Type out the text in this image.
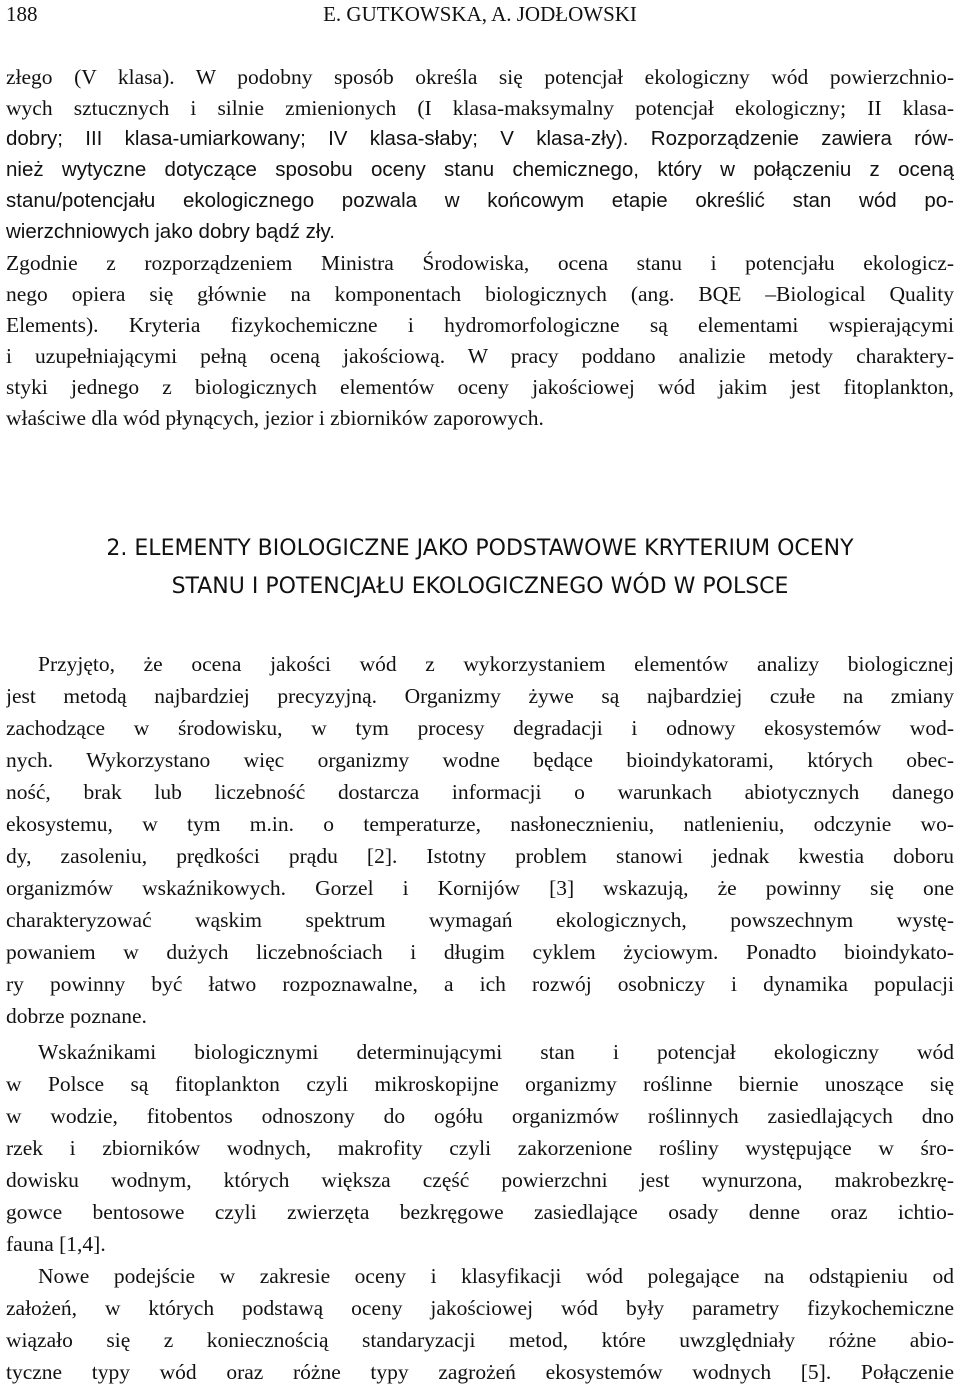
188	E. GUTKOWSKA, A. JODŁOWSKI
złego (V klasa). W podobny sposób określa się potencjał ekologiczny wód powierzchnio-
wych sztucznych i silnie zmienionych (I klasa-maksymalny potencjał ekologiczny; II klasa-
dobry; III klasa-umiarkowany; IV klasa-słaby; V klasa-zły). Rozporządzenie zawiera rów-
nież wytyczne dotyczące sposobu oceny stanu chemicznego, który w połączeniu z oceną
stanu/potencjału ekologicznego pozwala w końcowym etapie określić stan wód po-
wierzchniowych jako dobry bądź zły.
Zgodnie z rozporządzeniem Ministra Środowiska, ocena stanu i potencjału ekologicz-
nego opiera się głównie na komponentach biologicznych (ang. BQE –Biological Quality
Elements). Kryteria fizykochemiczne i hydromorfologiczne są elementami wspierającymi
i uzupełniającymi pełną oceną jakościową. W pracy poddano analizie metody charaktery-
styki jednego z biologicznych elementów oceny jakościowej wód jakim jest fitoplankton,
właściwe dla wód płynących, jezior i zbiorników zaporowych.
2. ELEMENTY BIOLOGICZNE JAKO PODSTAWOWE KRYTERIUM OCENY
STANU I POTENCJAŁU EKOLOGICZNEGO WÓD W POLSCE
Przyjęto, że ocena jakości wód z wykorzystaniem elementów analizy biologicznej
jest metodą najbardziej precyzyjną. Organizmy żywe są najbardziej czułe na zmiany
zachodzące w środowisku, w tym procesy degradacji i odnowy ekosystemów wod-
nych. Wykorzystano więc organizmy wodne będące bioindykatorami, których obec-
ność, brak lub liczebność dostarcza informacji o warunkach abiotycznych danego
ekosystemu, w tym m.in. o temperaturze, nasłonecznieniu, natlenieniu, odczynie wo-
dy, zasoleniu, prędkości prądu [2]. Istotny problem stanowi jednak kwestia doboru
organizmów wskaźnikowych. Gorzel i Kornijów [3] wskazują, że powinny się one
charakteryzować wąskim spektrum wymagań ekologicznych, powszechnym wystę-
powaniem w dużych liczebnościach i długim cyklem życiowym. Ponadto bioindykato-
ry powinny być łatwo rozpoznawalne, a ich rozwój osobniczy i dynamika populacji
dobrze poznane.
Wskaźnikami biologicznymi determinującymi stan i potencjał ekologiczny wód
w Polsce są fitoplankton czyli mikroskopijne organizmy roślinne biernie unoszące się
w wodzie, fitobentos odnoszony do ogółu organizmów roślinnych zasiedlających dno
rzek i zbiorników wodnych, makrofity czyli zakorzenione rośliny występujące w śro-
dowisku wodnym, których większa część powierzchni jest wynurzona, makrobezkrę-
gowce bentosowe czyli zwierzęta bezkręgowe zasiedlające osady denne oraz ichtio-
fauna [1,4].
Nowe podejście w zakresie oceny i klasyfikacji wód polegające na odstąpieniu od
założeń, w których podstawą oceny jakościowej wód były parametry fizykochemiczne
wiązało się z koniecznością standaryzacji metod, które uwzględniały różne abio-
tyczne typy wód oraz różne typy zagrożeń ekosystemów wodnych [5]. Połączenie
